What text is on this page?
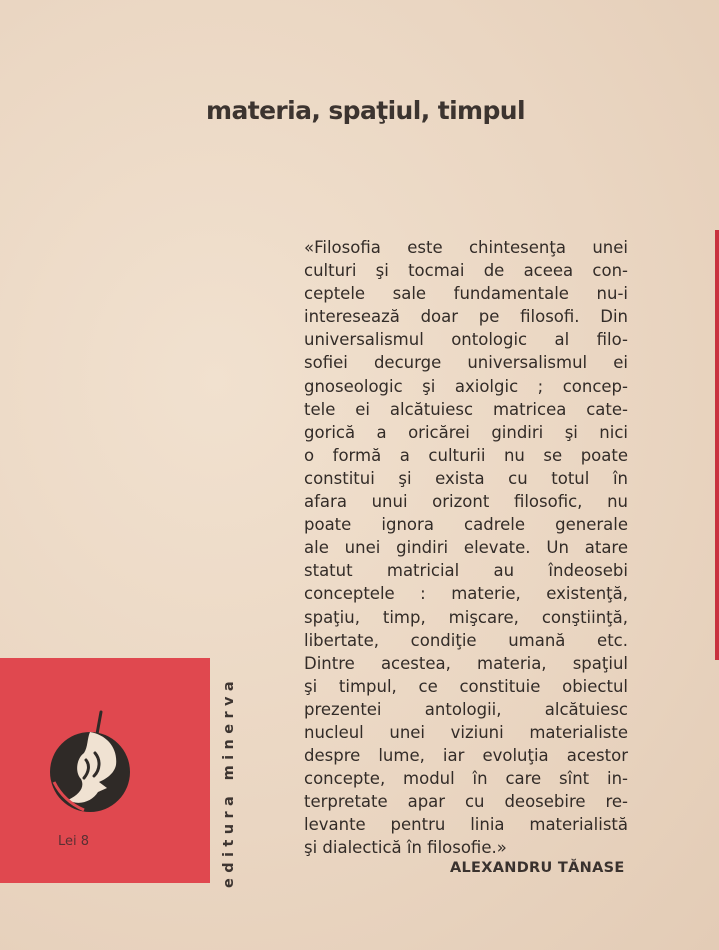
materia, spaţiul, timpul
«Filosofia este chintesenţa unei
culturi şi tocmai de aceea con-
ceptele sale fundamentale nu-i
interesează doar pe filosofi. Din
universalismul ontologic al filo-
sofiei decurge universalismul ei
gnoseologic şi axiolgic ; concep-
tele ei alcătuiesc matricea cate-
gorică a oricărei gindiri şi nici
o formă a culturii nu se poate
constitui şi exista cu totul în
afara unui orizont filosofic, nu
poate ignora cadrele generale
ale unei gindiri elevate. Un atare
statut matricial au îndeosebi
conceptele : materie, existenţă,
spaţiu, timp, mişcare, conştiinţă,
libertate, condiţie umană etc.
Dintre acestea, materia, spaţiul
şi timpul, ce constituie obiectul
prezentei antologii, alcătuiesc
nucleul unei viziuni materialiste
despre lume, iar evoluţia acestor
concepte, modul în care sînt in-
terpretate apar cu deosebire re-
levante pentru linia materialistă
şi dialectică în filosofie.»
ALEXANDRU TĂNASE
Lei 8	editura minerva
